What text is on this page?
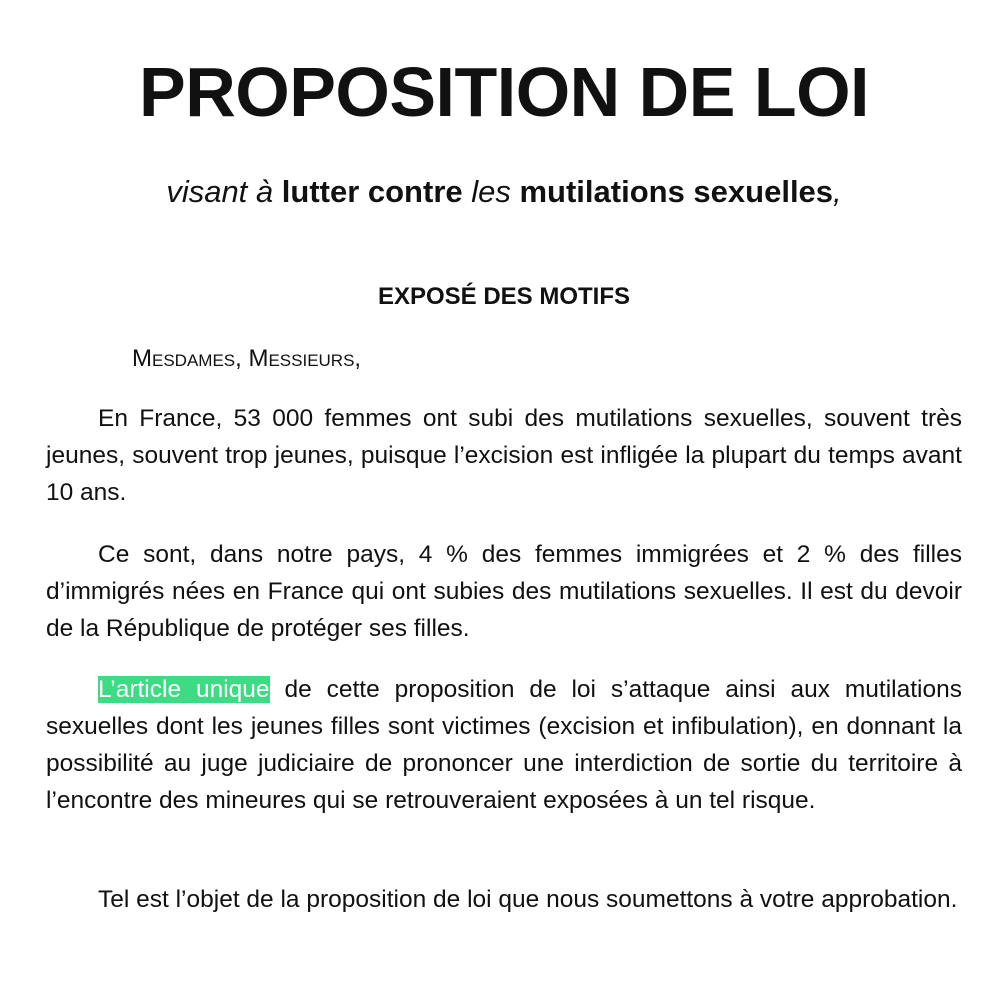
PROPOSITION DE LOI

visant à lutter contre les mutilations sexuelles,

EXPOSÉ DES MOTIFS
Mesdames, Messieurs,

En France, 53 000 femmes ont subi des mutilations sexuelles, souvent très jeunes, souvent trop jeunes, puisque l’excision est infligée la plupart du temps avant 10 ans.

Ce sont, dans notre pays, 4 % des femmes immigrées et 2 % des filles d’immigrés nées en France qui ont subies des mutilations sexuelles. Il est du devoir de la République de protéger ses filles.

L’article unique de cette proposition de loi s’attaque ainsi aux mutilations sexuelles dont les jeunes filles sont victimes (excision et infibulation), en donnant la possibilité au juge judiciaire de prononcer une interdiction de sortie du territoire à l’encontre des mineures qui se retrouveraient exposées à un tel risque.

Tel est l’objet de la proposition de loi que nous soumettons à votre approbation.
